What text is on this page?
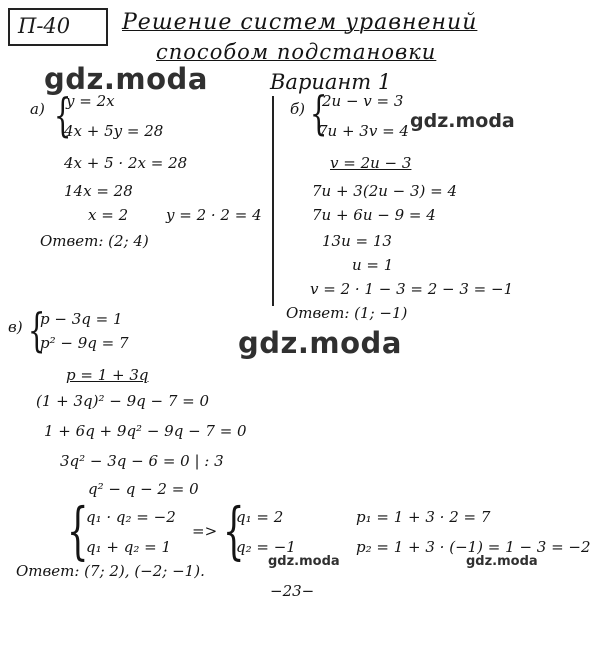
П-40 Решение систем уравнений
способом подстановки
Вариант 1
gdz.moda
gdz.moda
gdz.moda
gdz.moda	gdz.moda
а) {
y = 2x
4x + 5y = 28
4x + 5 · 2x = 28
14x = 28
x = 2	y = 2 · 2 = 4
Ответ: (2; 4)
б) {
2u − v = 3
7u + 3v = 4
v = 2u − 3
7u + 3(2u − 3) = 4
7u + 6u − 9 = 4
13u = 13
u = 1
v = 2 · 1 − 3 = 2 − 3 = −1
Ответ: (1; −1)
в) {
p − 3q = 1
p² − 9q = 7
p = 1 + 3q
(1 + 3q)² − 9q − 7 = 0
1 + 6q + 9q² − 9q − 7 = 0
3q² − 3q − 6 = 0 | : 3
q² − q − 2 = 0
{
q₁ · q₂ = −2
q₁ + q₂ = 1
=> {
q₁ = 2
q₂ = −1
p₁ = 1 + 3 · 2 = 7
p₂ = 1 + 3 · (−1) = 1 − 3 = −2
Ответ: (7; 2), (−2; −1).
−23−
